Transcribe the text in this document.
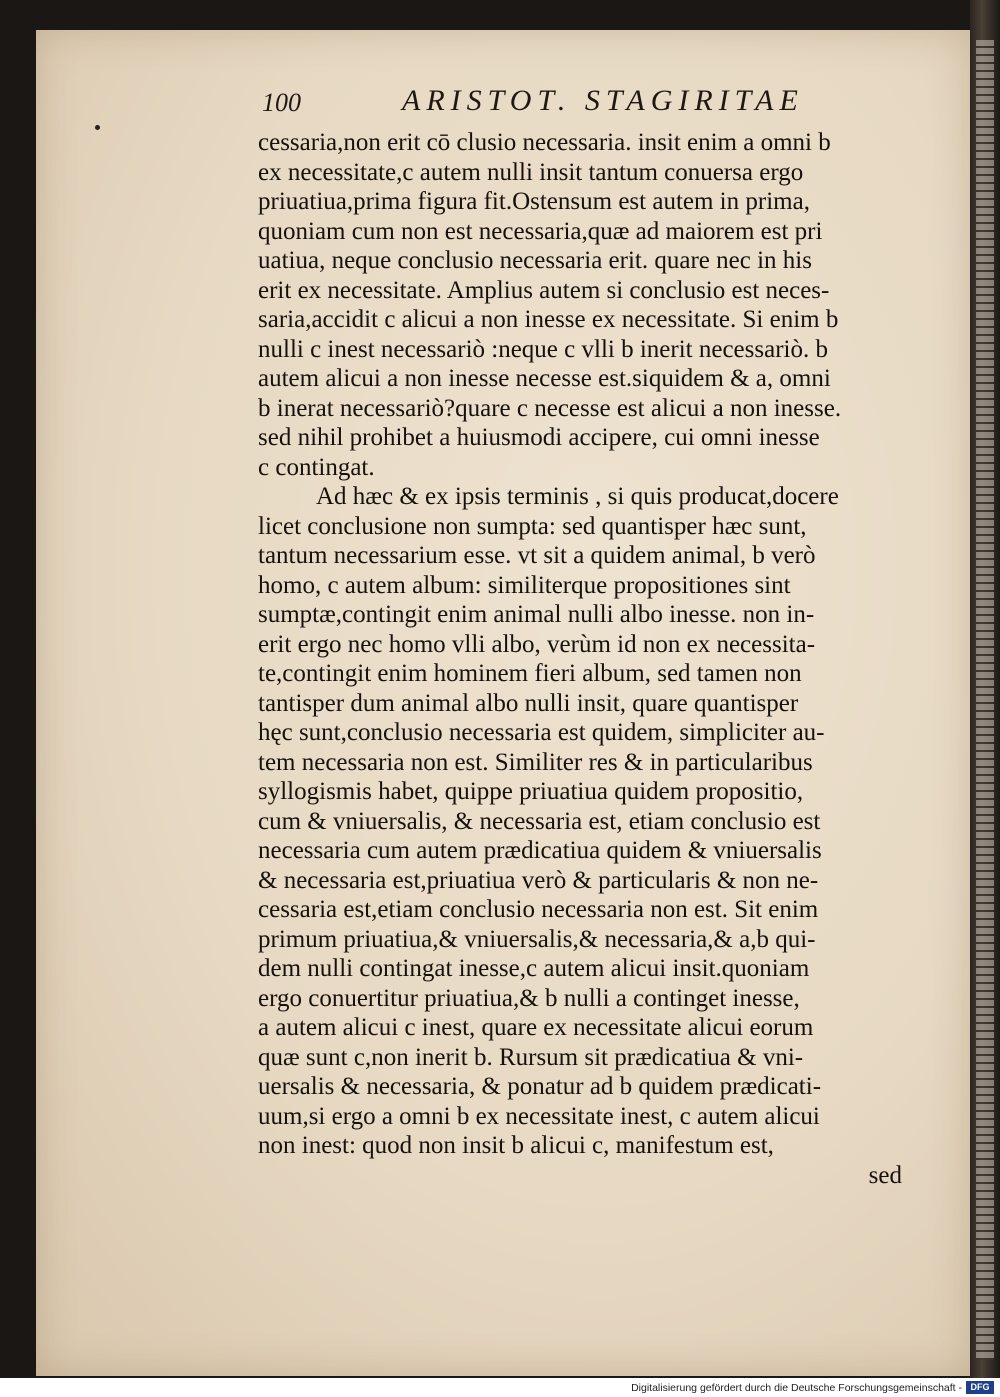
100	ARISTOT. STAGIRITAE
cessaria,non erit cō clusio necessaria. insit enim a omni b
ex necessitate,c autem nulli insit tantum conuersa ergo
priuatiua,prima figura fit.Ostensum est autem in prima,
quoniam cum non est necessaria,quæ ad maiorem est pri
uatiua, neque conclusio necessaria erit. quare nec in his
erit ex necessitate. Amplius autem si conclusio est neces-
saria,accidit c alicui a non inesse ex necessitate. Si enim b
nulli c inest necessariò :neque c vlli b inerit necessariò. b
autem alicui a non inesse necesse est.siquidem & a, omni
b inerat necessariò?quare c necesse est alicui a non inesse.
sed nihil prohibet a huiusmodi accipere, cui omni inesse
c contingat.
Ad hæc & ex ipsis terminis , si quis producat,docere
licet conclusione non sumpta: sed quantisper hæc sunt,
tantum necessarium esse. vt sit a quidem animal, b verò
homo, c autem album: similiterque propositiones sint
sumptæ,contingit enim animal nulli albo inesse. non in-
erit ergo nec homo vlli albo, verùm id non ex necessita-
te,contingit enim hominem fieri album, sed tamen non
tantisper dum animal albo nulli insit, quare quantisper
hęc sunt,conclusio necessaria est quidem, simpliciter au-
tem necessaria non est. Similiter res & in particularibus
syllogismis habet, quippe priuatiua quidem propositio,
cum & vniuersalis, & necessaria est, etiam conclusio est
necessaria cum autem prædicatiua quidem & vniuersalis
& necessaria est,priuatiua verò & particularis & non ne-
cessaria est,etiam conclusio necessaria non est. Sit enim
primum priuatiua,& vniuersalis,& necessaria,& a,b qui-
dem nulli contingat inesse,c autem alicui insit.quoniam
ergo conuertitur priuatiua,& b nulli a continget inesse,
a autem alicui c inest, quare ex necessitate alicui eorum
quæ sunt c,non inerit b. Rursum sit prædicatiua & vni-
uersalis & necessaria, & ponatur ad b quidem prædicati-
uum,si ergo a omni b ex necessitate inest, c autem alicui
non inest: quod non insit b alicui c, manifestum est,
sed
Digitalisierung gefördert durch die Deutsche Forschungsgemeinschaft - DFG
